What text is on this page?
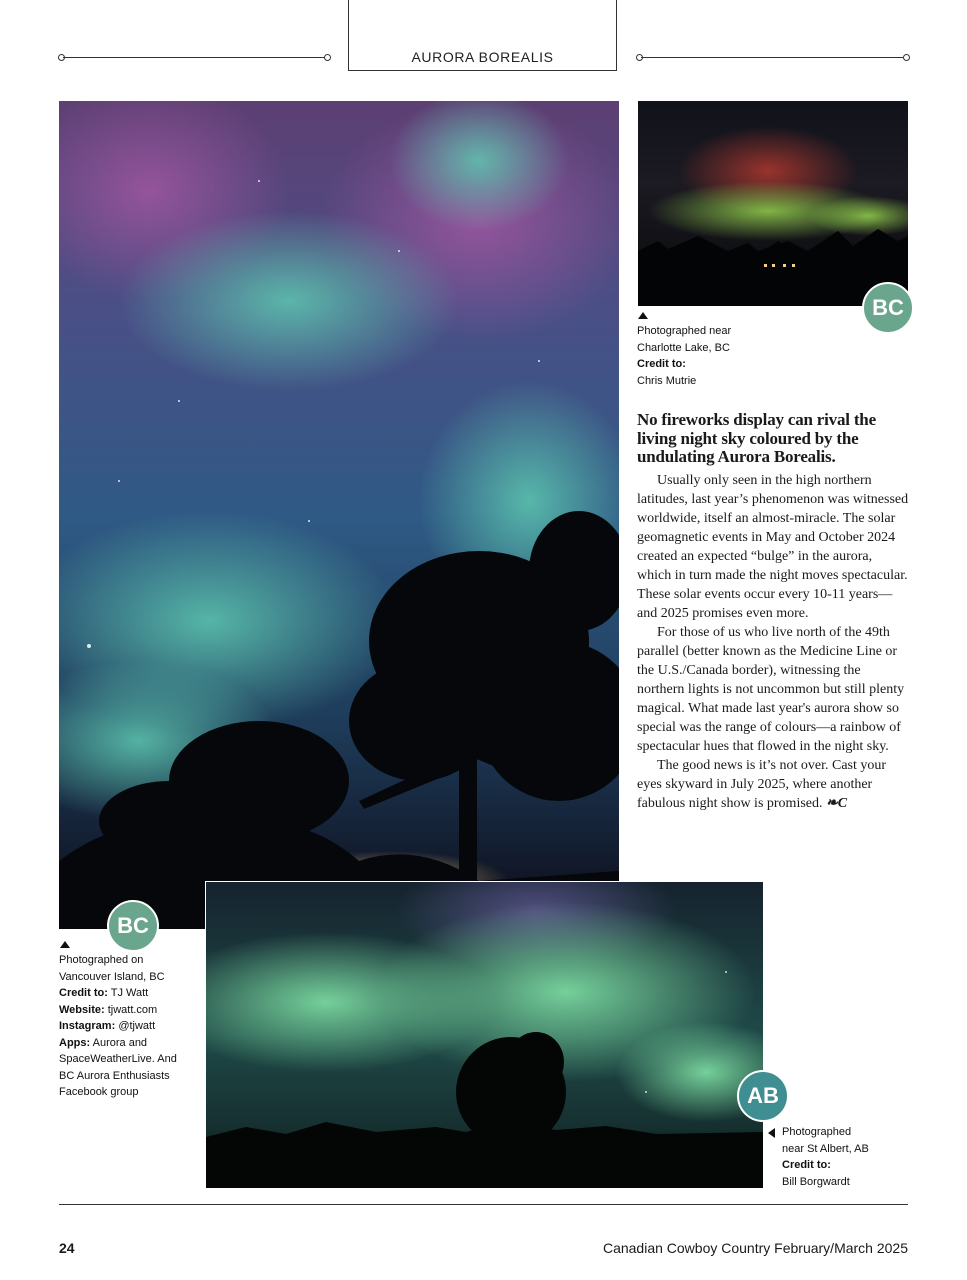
AURORA BOREALIS
BC
Photographed on
Vancouver Island, BC
Credit to: TJ Watt
Website: tjwatt.com
Instagram: @tjwatt
Apps: Aurora and
SpaceWeatherLive. And
BC Aurora Enthusiasts
Facebook group
BC
Photographed near
Charlotte Lake, BC
Credit to:
Chris Mutrie
No fireworks display can rival the living night sky coloured by the undulating Aurora Borealis.

Usually only seen in the high northern latitudes, last year’s phenomenon was witnessed worldwide, itself an almost-miracle. The solar geomagnetic events in May and October 2024 created an expected “bulge” in the aurora, which in turn made the night moves spectacular. These solar events occur every 10-11 years—and 2025 promises even more.

For those of us who live north of the 49th parallel (better known as the Medicine Line or the U.S./Canada border), witnessing the northern lights is not uncommon but still plenty magical. What made last year's aurora show so special was the range of colours—a rainbow of spectacular hues that flowed in the night sky.

The good news is it’s not over. Cast your eyes skyward in July 2025, where another fabulous night show is promised. ❧C

AB
Photographed
near St Albert, AB
Credit to:
Bill Borgwardt
24	Canadian Cowboy Country February/March 2025
